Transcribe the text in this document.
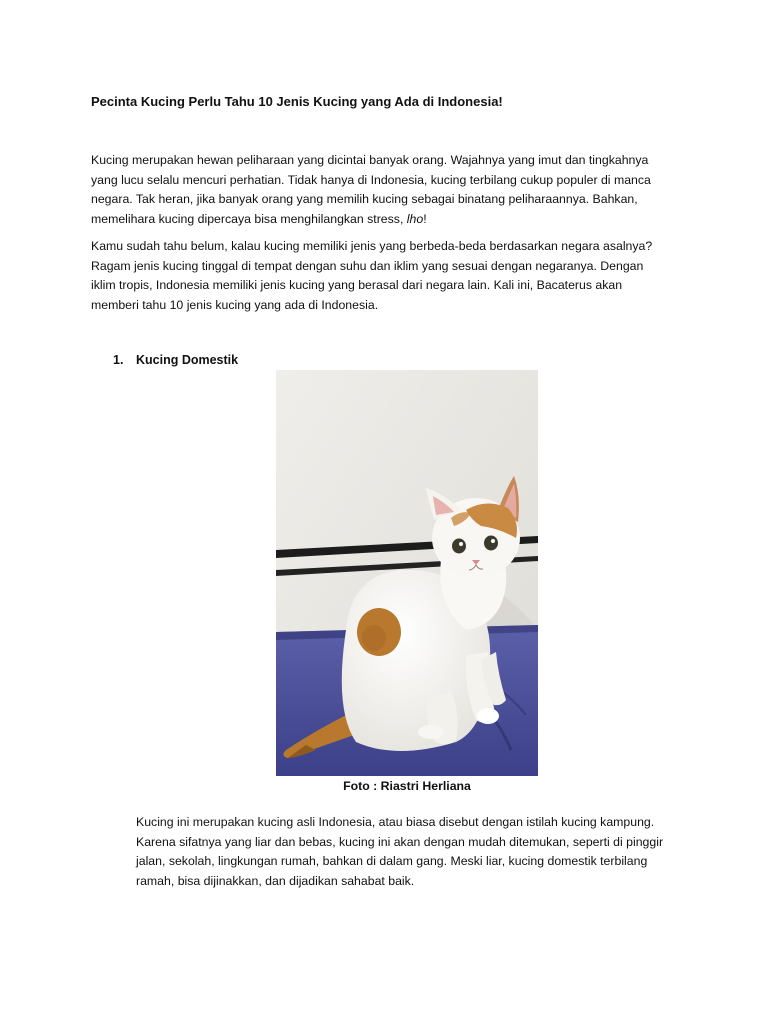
Pecinta Kucing Perlu Tahu 10 Jenis Kucing yang Ada di Indonesia!

Kucing merupakan hewan peliharaan yang dicintai banyak orang. Wajahnya yang imut dan tingkahnya yang lucu selalu mencuri perhatian. Tidak hanya di Indonesia, kucing terbilang cukup populer di manca negara. Tak heran, jika banyak orang yang memilih kucing sebagai binatang peliharaannya. Bahkan, memelihara kucing dipercaya bisa menghilangkan stress, lho!

Kamu sudah tahu belum, kalau kucing memiliki jenis yang berbeda-beda berdasarkan negara asalnya? Ragam jenis kucing tinggal di tempat dengan suhu dan iklim yang sesuai dengan negaranya. Dengan iklim tropis, Indonesia memiliki jenis kucing yang berasal dari negara lain. Kali ini, Bacaterus akan memberi tahu 10 jenis kucing yang ada di Indonesia.

1. Kucing Domestik

Foto : Riastri Herliana

Kucing ini merupakan kucing asli Indonesia, atau biasa disebut dengan istilah kucing kampung. Karena sifatnya yang liar dan bebas, kucing ini akan dengan mudah ditemukan, seperti di pinggir jalan, sekolah, lingkungan rumah, bahkan di dalam gang. Meski liar, kucing domestik terbilang ramah, bisa dijinakkan, dan dijadikan sahabat baik.
